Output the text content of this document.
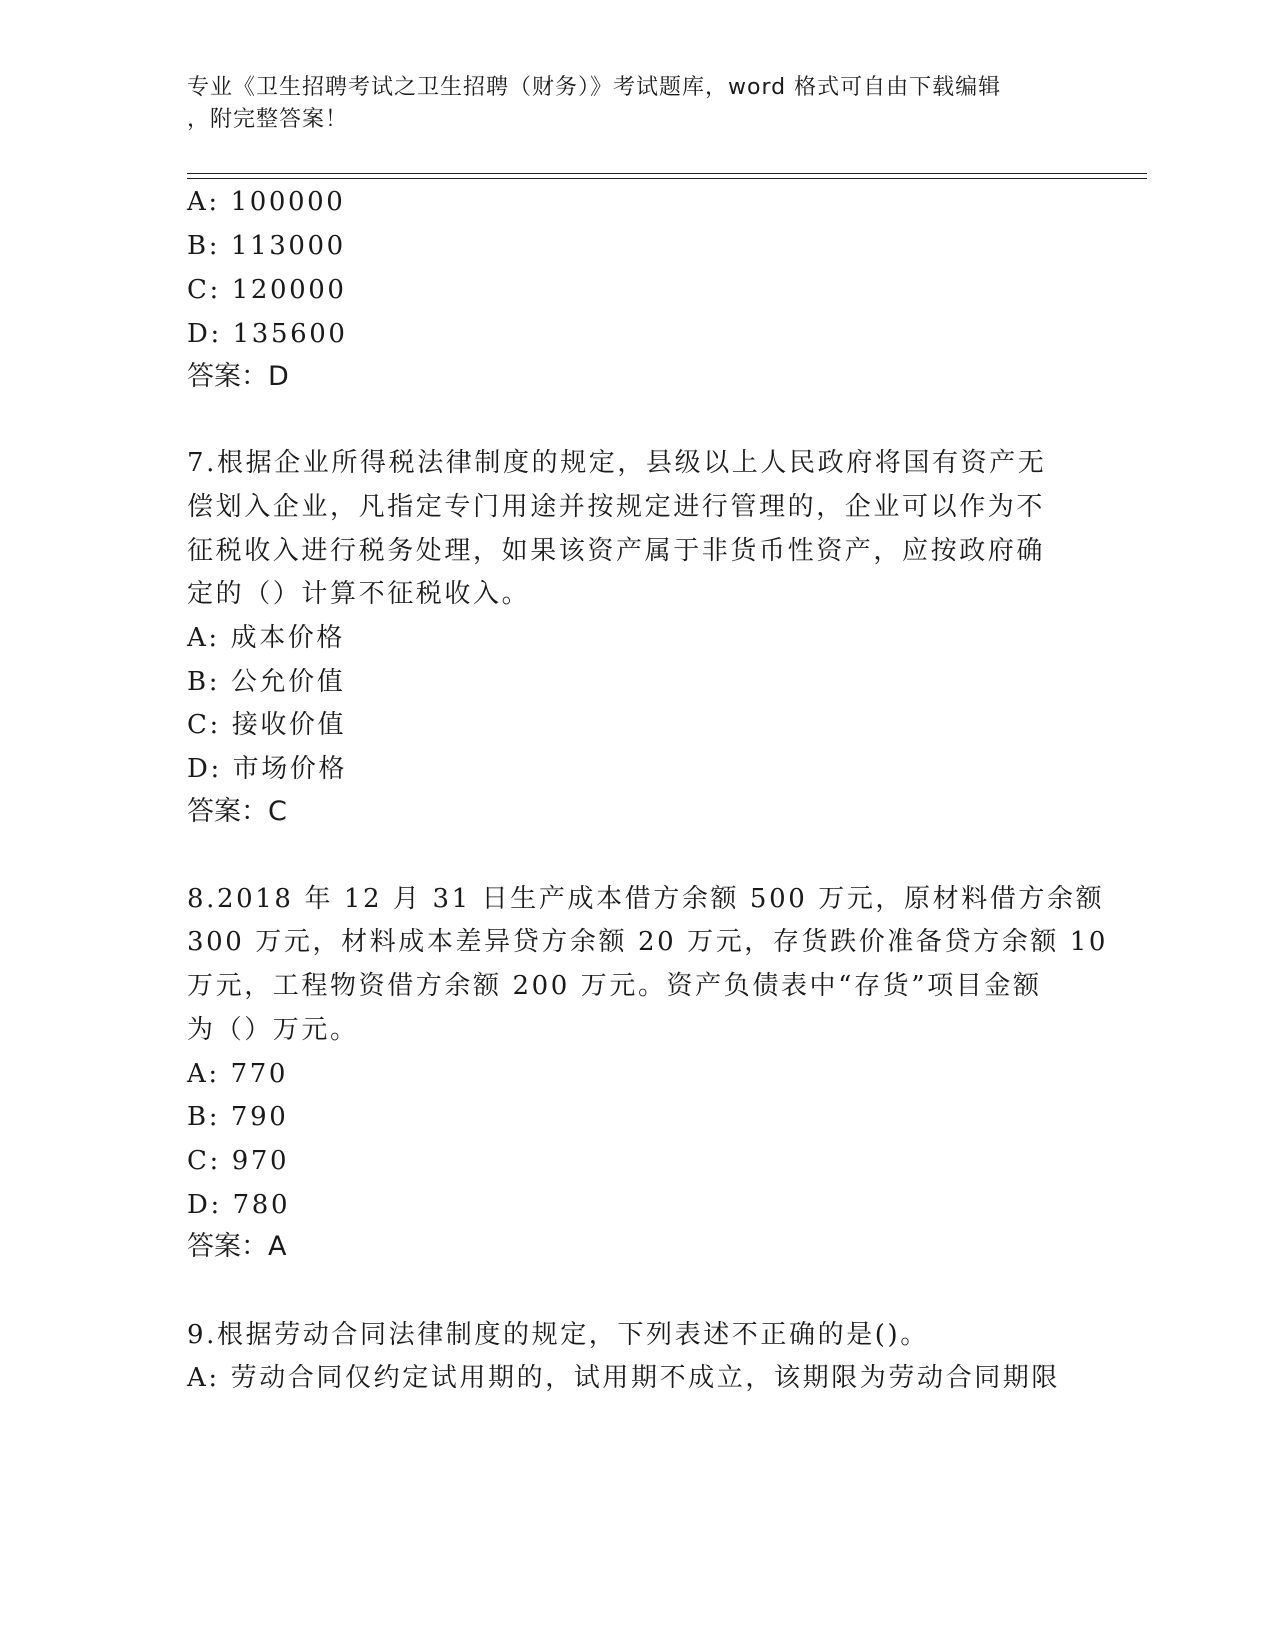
专业《卫生招聘考试之卫生招聘（财务）》考试题库，word 格式可自由下载编辑
，附完整答案！
A: 100000
B: 113000
C: 120000
D: 135600
答案：D
7.根据企业所得税法律制度的规定，县级以上人民政府将国有资产无
偿划入企业，凡指定专门用途并按规定进行管理的，企业可以作为不
征税收入进行税务处理，如果该资产属于非货币性资产，应按政府确
定的（）计算不征税收入。
A: 成本价格
B: 公允价值
C: 接收价值
D: 市场价格
答案：C
8.2018 年 12 月 31 日生产成本借方余额 500 万元，原材料借方余额
300 万元，材料成本差异贷方余额 20 万元，存货跌价准备贷方余额 10
万元，工程物资借方余额 200 万元。资产负债表中“存货”项目金额
为（）万元。
A: 770
B: 790
C: 970
D: 780
答案：A
9.根据劳动合同法律制度的规定，下列表述不正确的是()。
A: 劳动合同仅约定试用期的，试用期不成立，该期限为劳动合同期限
